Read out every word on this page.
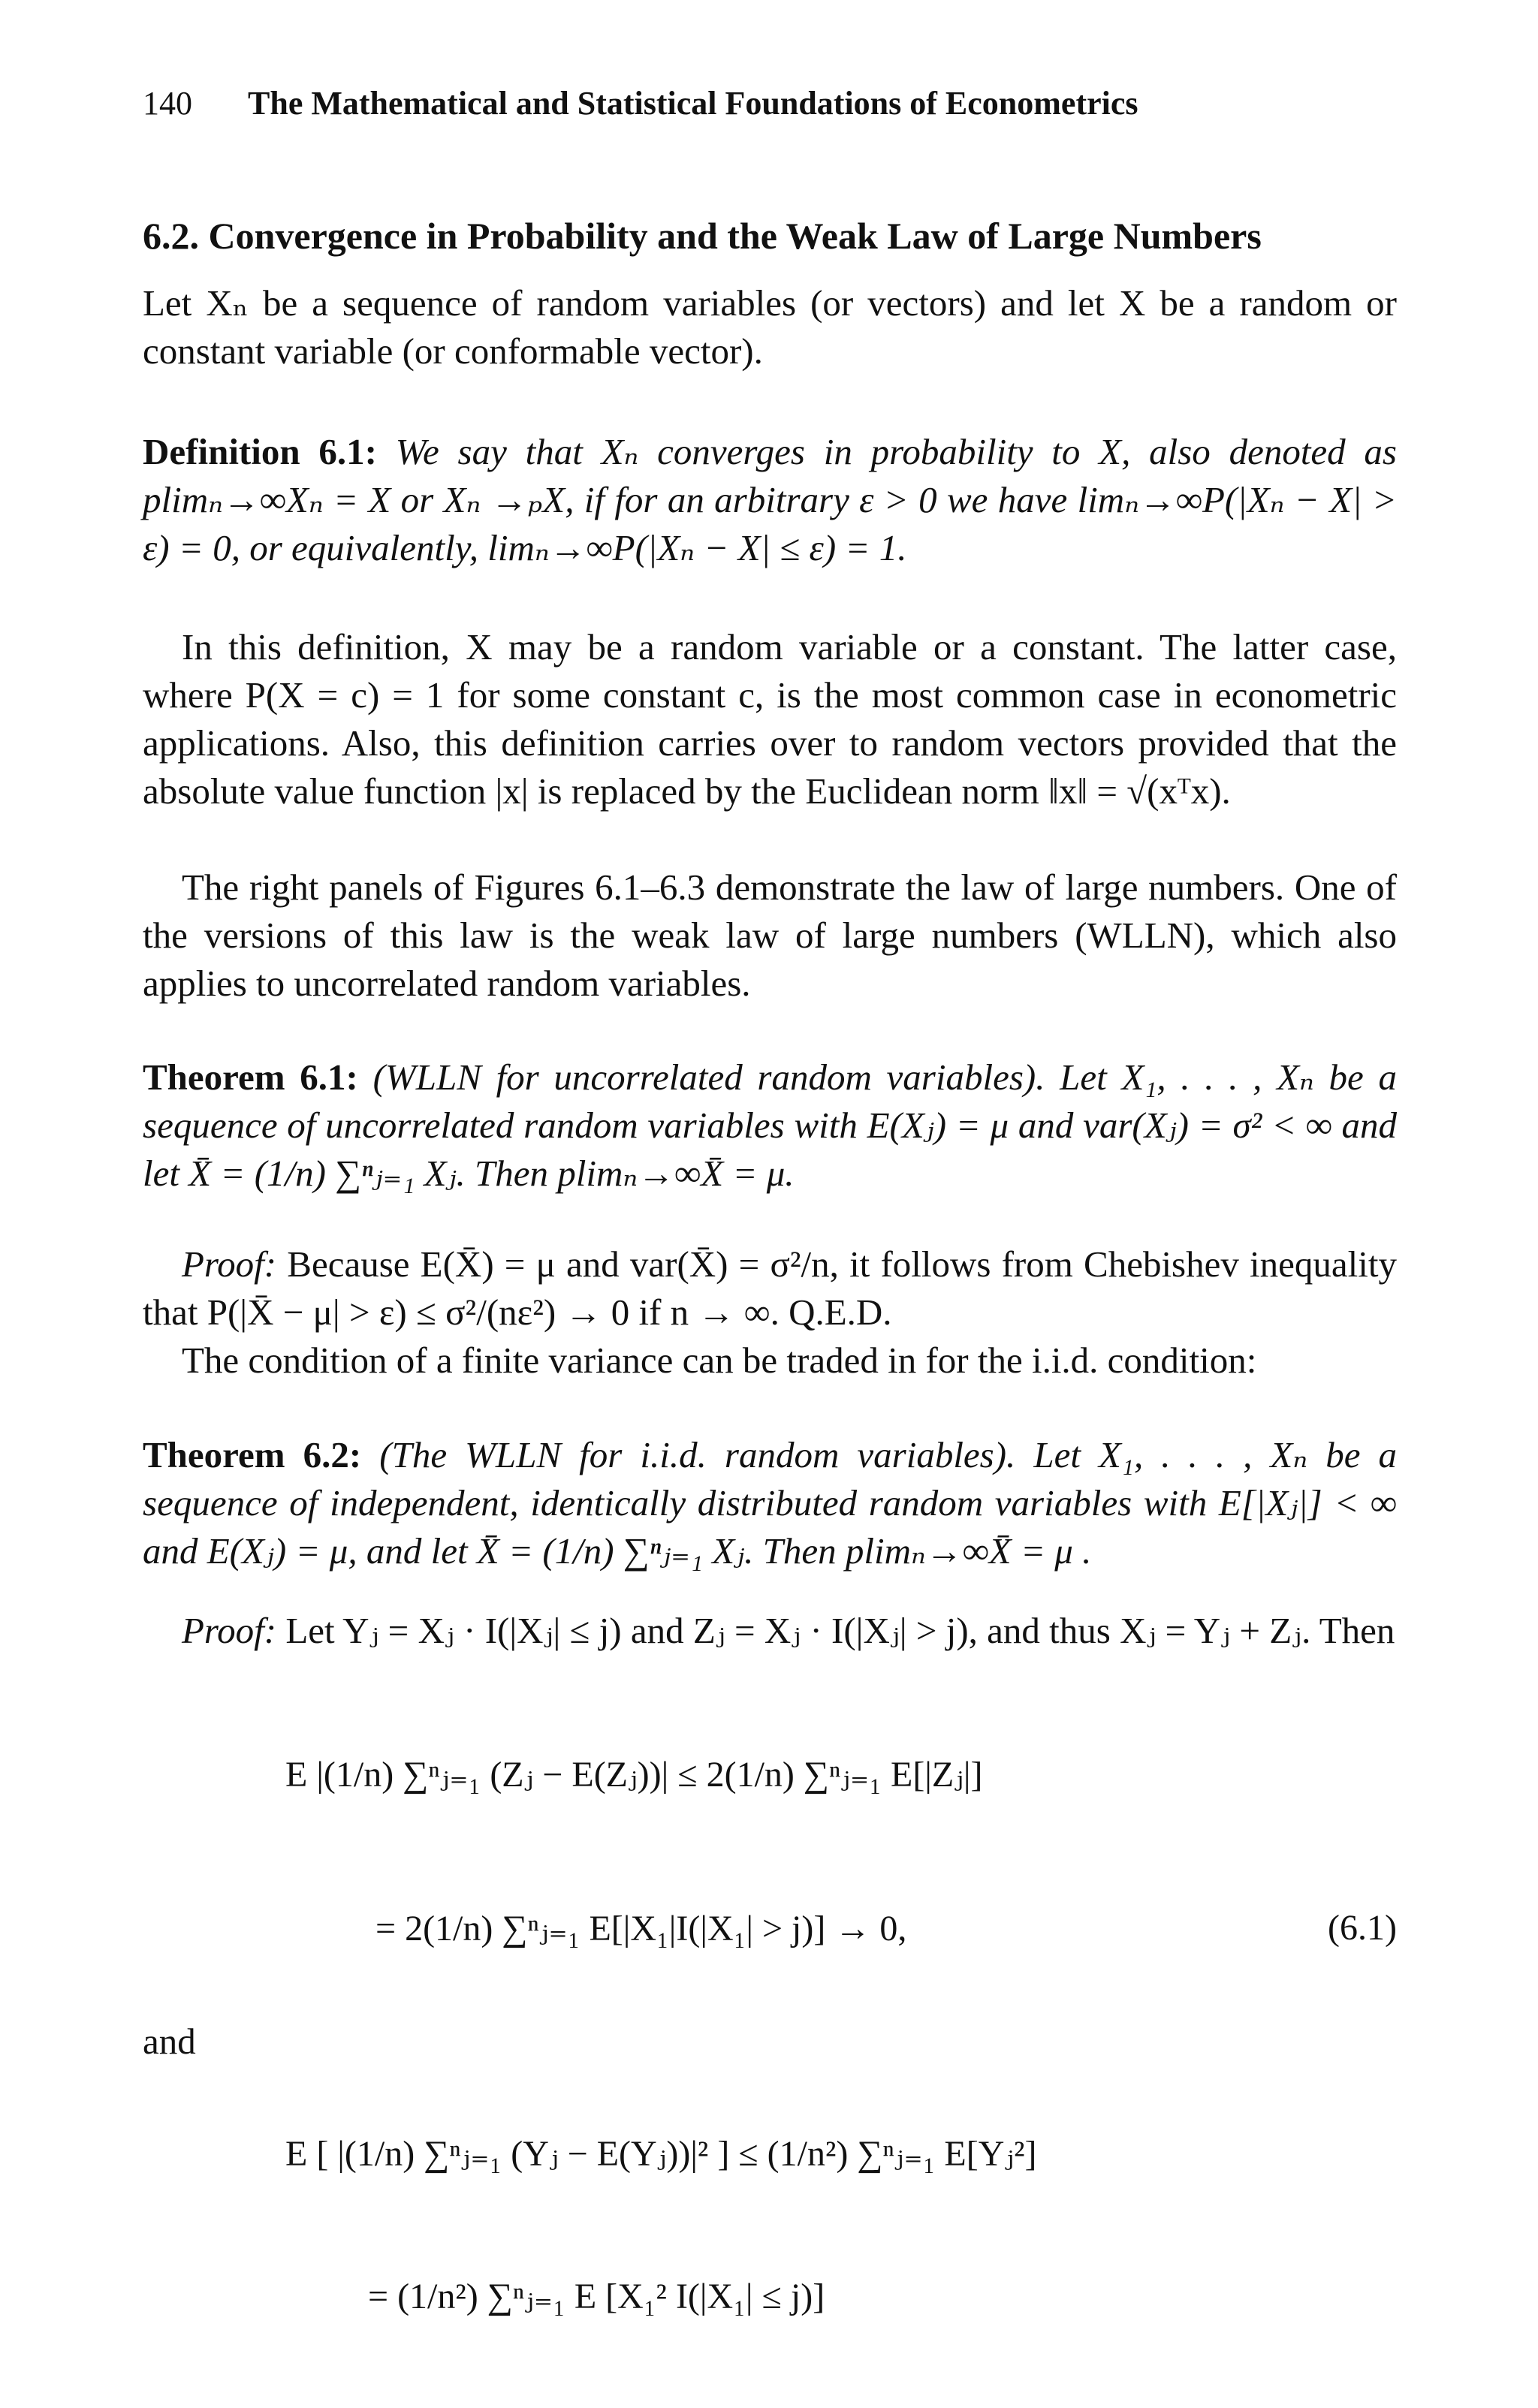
140 The Mathematical and Statistical Foundations of Econometrics
6.2. Convergence in Probability and the Weak Law of Large Numbers
Let Xₙ be a sequence of random variables (or vectors) and let X be a random or constant variable (or conformable vector).
Definition 6.1: We say that Xₙ converges in probability to X, also denoted as plimₙ→∞Xₙ = X or Xₙ →ₚX, if for an arbitrary ε > 0 we have limₙ→∞P(|Xₙ − X| > ε) = 0, or equivalently, limₙ→∞P(|Xₙ − X| ≤ ε) = 1.
In this definition, X may be a random variable or a constant. The latter case, where P(X = c) = 1 for some constant c, is the most common case in econometric applications. Also, this definition carries over to random vectors provided that the absolute value function |x| is replaced by the Euclidean norm ‖x‖ = √(xᵀx).
The right panels of Figures 6.1–6.3 demonstrate the law of large numbers. One of the versions of this law is the weak law of large numbers (WLLN), which also applies to uncorrelated random variables.
Theorem 6.1: (WLLN for uncorrelated random variables). Let X₁, . . . , Xₙ be a sequence of uncorrelated random variables with E(Xⱼ) = μ and var(Xⱼ) = σ² < ∞ and let X̄ = (1/n) ∑ⁿⱼ₌₁ Xⱼ. Then plimₙ→∞X̄ = μ.
Proof: Because E(X̄) = μ and var(X̄) = σ²/n, it follows from Chebishev inequality that P(|X̄ − μ| > ε) ≤ σ²/(nε²) → 0 if n → ∞. Q.E.D.
The condition of a finite variance can be traded in for the i.i.d. condition:
Theorem 6.2: (The WLLN for i.i.d. random variables). Let X₁, . . . , Xₙ be a sequence of independent, identically distributed random variables with E[|Xⱼ|] < ∞ and E(Xⱼ) = μ, and let X̄ = (1/n) ∑ⁿⱼ₌₁ Xⱼ. Then plimₙ→∞X̄ = μ .
Proof: Let Yⱼ = Xⱼ · I(|Xⱼ| ≤ j) and Zⱼ = Xⱼ · I(|Xⱼ| > j), and thus Xⱼ = Yⱼ + Zⱼ. Then
E |(1/n) ∑ⁿⱼ₌₁ (Zⱼ − E(Zⱼ))| ≤ 2(1/n) ∑ⁿⱼ₌₁ E[|Zⱼ|]
= 2(1/n) ∑ⁿⱼ₌₁ E[|X₁|I(|X₁| > j)] → 0,	(6.1)
and
E [ |(1/n) ∑ⁿⱼ₌₁ (Yⱼ − E(Yⱼ))|² ] ≤ (1/n²) ∑ⁿⱼ₌₁ E[Yⱼ²]
= (1/n²) ∑ⁿⱼ₌₁ E [X₁² I(|X₁| ≤ j)]
